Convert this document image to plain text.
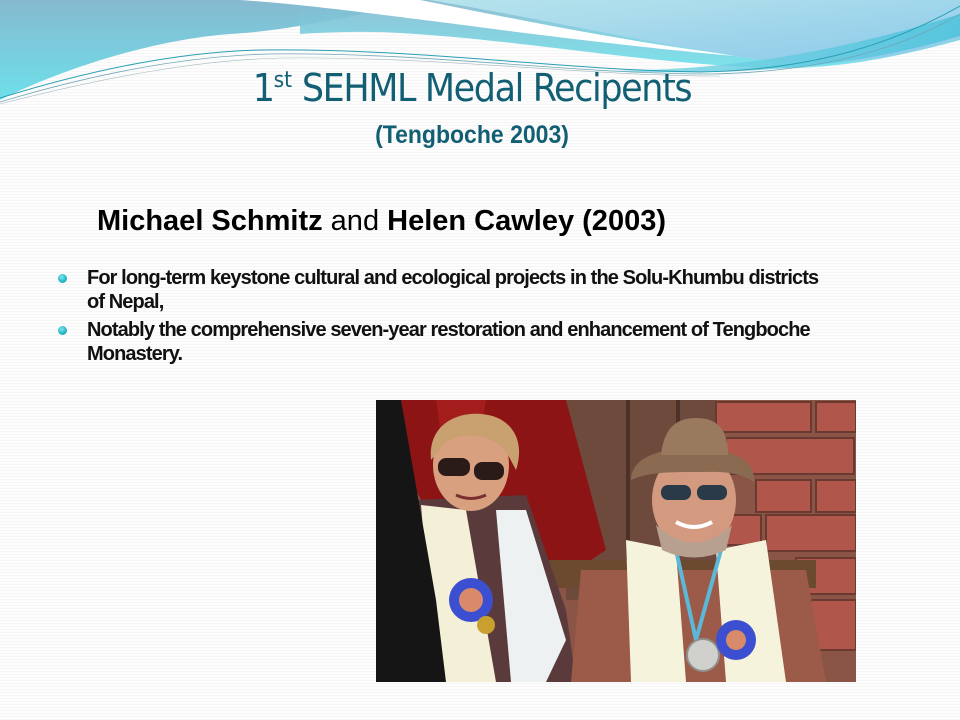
1st SEHML Medal Recipents
(Tengboche 2003)
Michael Schmitz and Helen Cawley (2003)
For long-term keystone cultural and ecological projects in the Solu-Khumbu districts of Nepal,
Notably the comprehensive seven-year restoration and enhancement of Tengboche Monastery.
